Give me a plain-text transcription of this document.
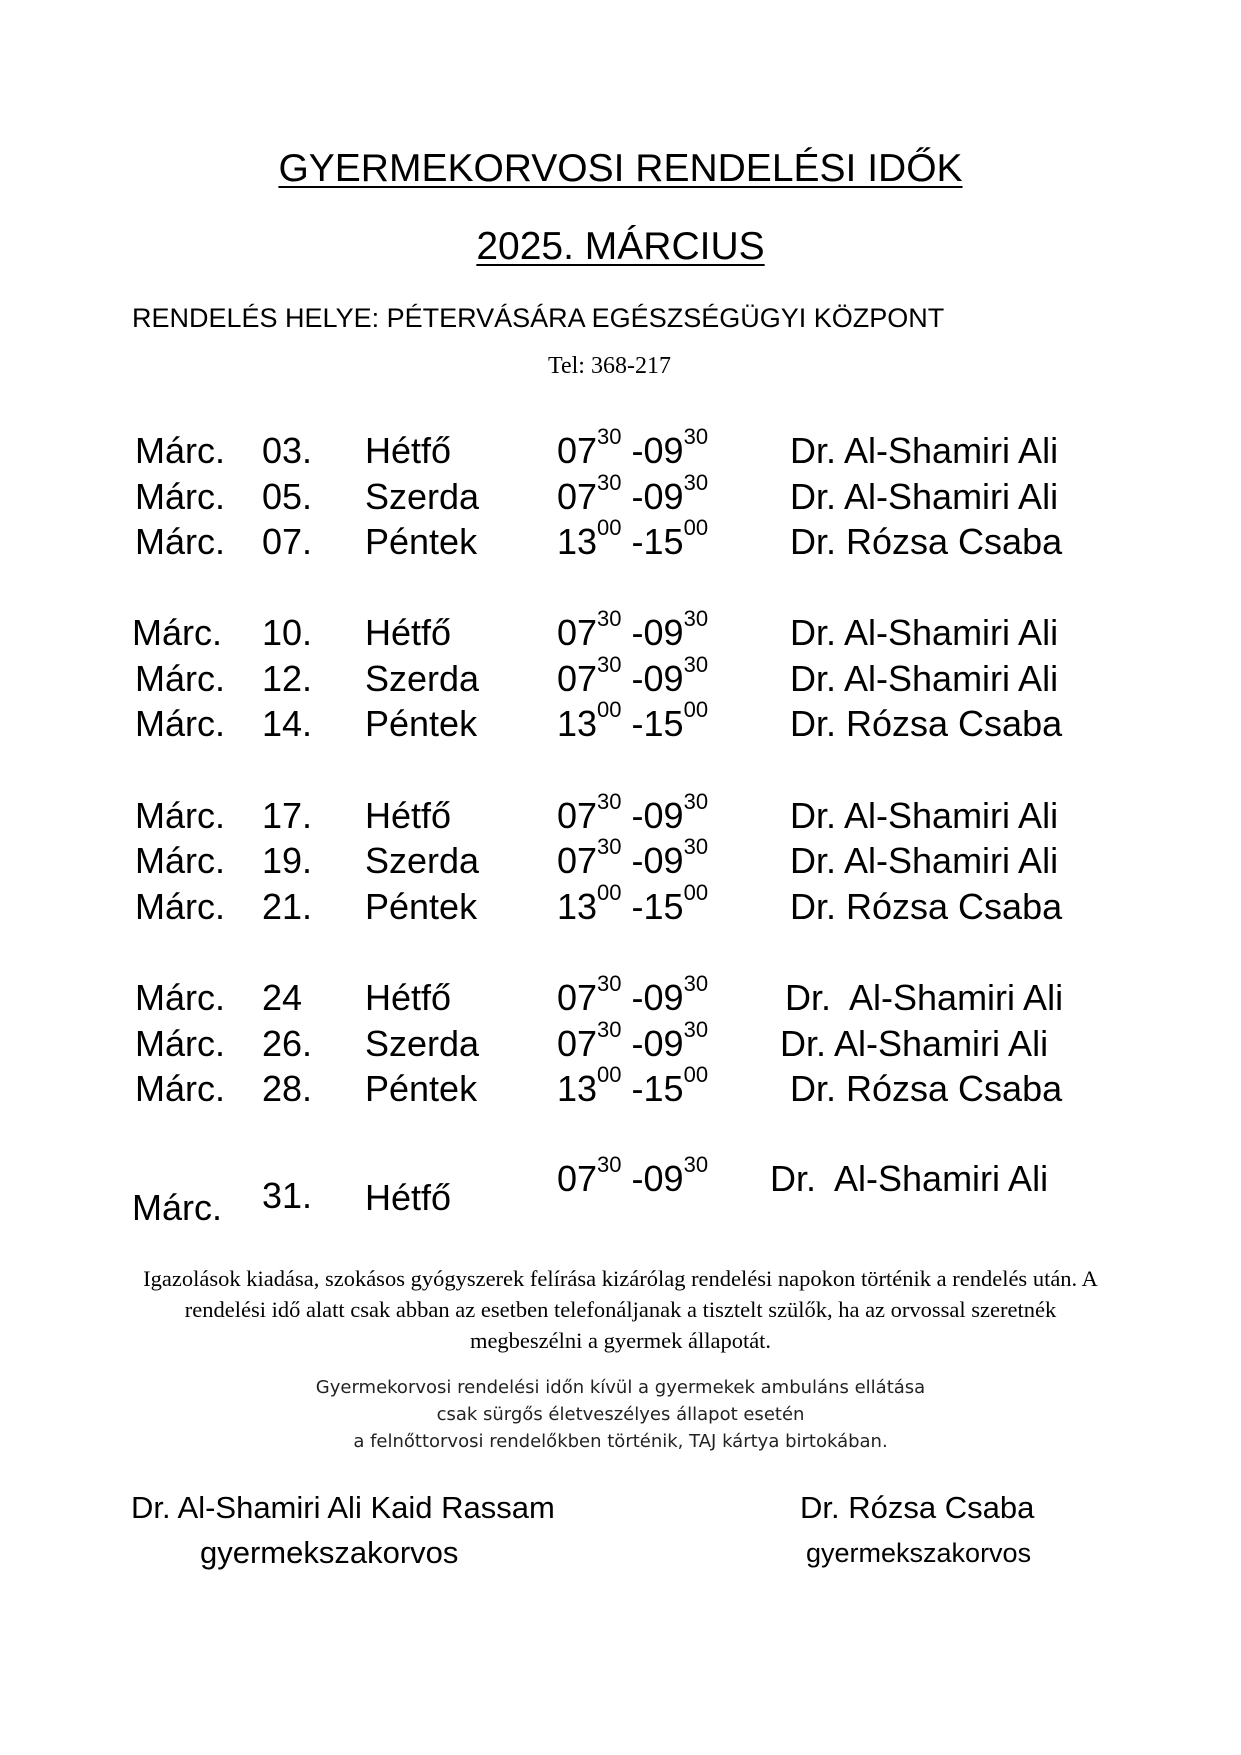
GYERMEKORVOSI RENDELÉSI IDŐK
2025. MÁRCIUS
RENDELÉS HELYE: PÉTERVÁSÁRA EGÉSZSÉGÜGYI KÖZPONT
Tel: 368-217
Márc. 03. Hétfő	$07^{30}$ $-09^{30}$ Dr. Al-Shamiri Ali
Márc. 05. Szerda $07^{30}$ $-09^{30}$ Dr. Al-Shamiri Ali
Márc. 07. Péntek $13^{00}$ $-15^{00}$ Dr. Rózsa Csaba
Márc. 10. Hétfő	$07^{30}$ $-09^{30}$ Dr. Al-Shamiri Ali
Márc. 12. Szerda $07^{30}$ $-09^{30}$ Dr. Al-Shamiri Ali
Márc. 14. Péntek $13^{00}$ $-15^{00}$ Dr. Rózsa Csaba
Márc. 17. Hétfő	$07^{30}$ $-09^{30}$ Dr. Al-Shamiri Ali
Márc. 19. Szerda $07^{30}$ $-09^{30}$ Dr. Al-Shamiri Ali
Márc. 21. Péntek $13^{00}$ $-15^{00}$ Dr. Rózsa Csaba
Márc. 24 Hétfő	$07^{30}$ $-09^{30}$ Dr.  Al-Shamiri Ali
Márc. 26. Szerda $07^{30}$ $-09^{30}$ Dr. Al-Shamiri Ali
Márc. 28. Péntek $13^{00}$ $-15^{00}$ Dr. Rózsa Csaba
Márc. 31. Hétfő	$07^{30}$ $-09^{30}$ Dr.  Al-Shamiri Ali
Igazolások kiadása, szokásos gyógyszerek felírása kizárólag rendelési napokon történik a rendelés után. A rendelési idő alatt csak abban az esetben telefonáljanak a tisztelt szülők, ha az orvossal szeretnék megbeszélni a gyermek állapotát.
Gyermekorvosi rendelési időn kívül a gyermekek ambuláns ellátása
csak sürgős életveszélyes állapot esetén
a felnőttorvosi rendelőkben történik, TAJ kártya birtokában.
Dr. Al-Shamiri Ali Kaid Rassam
gyermekszakorvos
Dr. Rózsa Csaba
gyermekszakorvos
